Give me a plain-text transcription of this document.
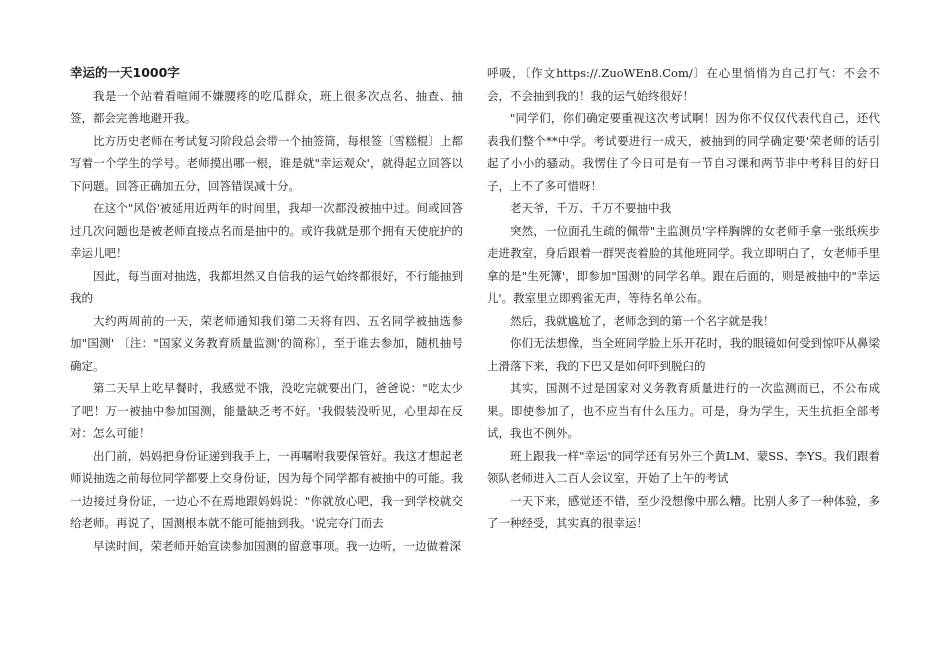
幸运的一天1000字

我是一个站着看喧闹不嫌腰疼的吃瓜群众，班上很多次点名、抽查、抽签，都会完善地避开我。

比方历史老师在考试复习阶段总会带一个抽签筒，每根签〔雪糕棍〕上都写着一个学生的学号。老师摸出哪一根，谁是就"幸运观众'，就得起立回答以下问题。回答正确加五分，回答错误减十分。

在这个"风俗'被延用近两年的时间里，我却一次都没被抽中过。间或回答过几次问题也是被老师直接点名而是抽中的。或许我就是那个拥有天使庇护的幸运儿吧！

因此，每当面对抽选，我都坦然又自信我的运气始终都很好，不行能抽到我的

大约两周前的一天，荣老师通知我们第二天将有四、五名同学被抽选参加"国测' 〔注："国家义务教育质量监测'的简称〕，至于谁去参加，随机抽号确定。

第二天早上吃早餐时，我感觉不饿，没吃完就要出门，爸爸说："吃太少了吧！万一被抽中参加国测，能量缺乏考不好。'我假装没听见，心里却在反对：怎么可能！

出门前，妈妈把身份证递到我手上，一再嘱咐我要保管好。我这才想起老师说抽选之前每位同学都要上交身份证，因为每个同学都有被抽中的可能。我一边接过身份证，一边心不在焉地跟妈妈说："你就放心吧，我一到学校就交给老师。再说了，国测根本就不能可能抽到我。'说完夺门而去

早读时间，荣老师开始宣读参加国测的留意事项。我一边听，一边做着深

呼吸，〔作文https://.ZuoWEn8.Com/〕在心里悄悄为自己打气：不会不会，不会抽到我的！我的运气始终很好！

"同学们，你们确定要重视这次考试啊！因为你不仅仅代表代自己，还代表我们整个**中学。考试要进行一成天，被抽到的同学确定要'荣老师的话引起了小小的骚动。我愣住了今日可是有一节自习课和两节非中考科目的好日子，上不了多可惜呀！

老天爷，千万、千万不要抽中我

突然，一位面孔生疏的佩带"主监测员'字样胸牌的女老师手拿一张纸疾步走进教室，身后跟着一群哭丧着脸的其他班同学。我立即明白了，女老师手里拿的是"生死簿'，即参加"国测'的同学名单。跟在后面的，则是被抽中的"幸运儿'。教室里立即鸦雀无声，等待名单公布。

然后，我就尴尬了，老师念到的第一个名字就是我！

你们无法想像，当全班同学脸上乐开花时，我的眼镜如何受到惊吓从鼻梁上滑落下来，我的下巴又是如何吓到脱臼的

其实，国测不过是国家对义务教育质量进行的一次监测而已，不公布成果。即使参加了，也不应当有什么压力。可是，身为学生，天生抗拒全部考试，我也不例外。

班上跟我一样"幸运'的同学还有另外三个黄LM、蒙SS、李YS。我们跟着领队老师进入二百人会议室，开始了上午的考试

一天下来，感觉还不错，至少没想像中那么糟。比别人多了一种体验，多了一种经受，其实真的很幸运！
